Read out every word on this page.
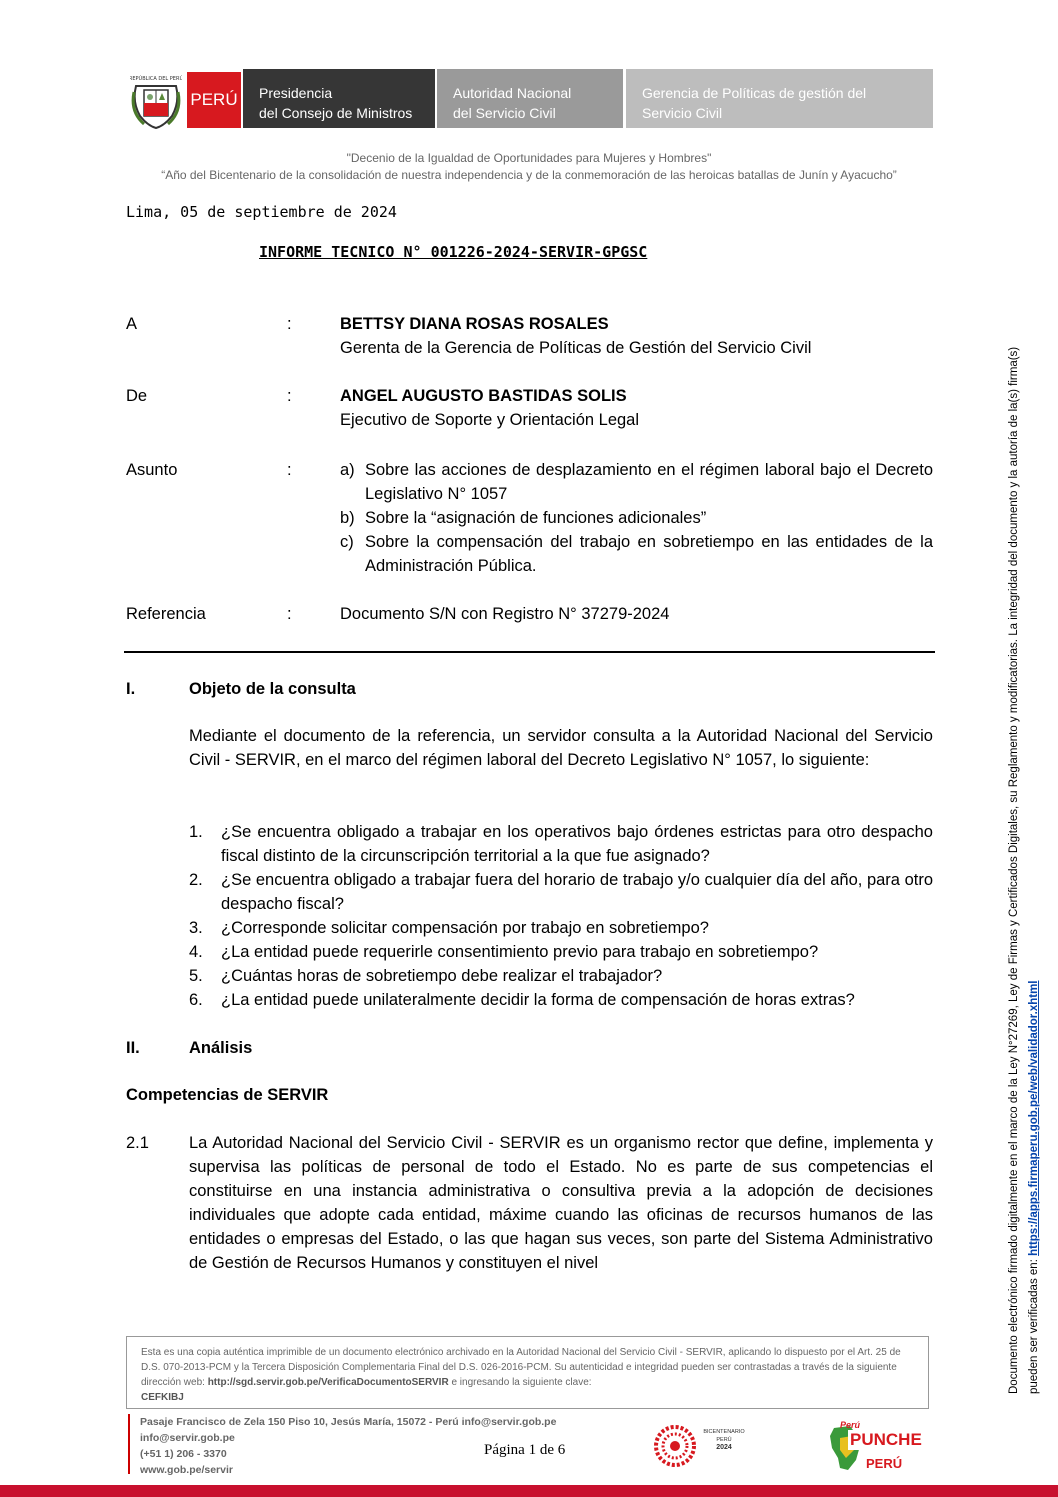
REPÚBLICA DEL PERÚ
PERÚ Presidencia
del Consejo de Ministros
Autoridad Nacional
del Servicio Civil
Gerencia de Políticas de gestión del
Servicio Civil
"Decenio de la Igualdad de Oportunidades para Mujeres y Hombres"
“Año del Bicentenario de la consolidación de nuestra independencia y de la conmemoración de las heroicas batallas de Junín y Ayacucho”
Lima, 05 de septiembre de 2024
INFORME TECNICO N° 001226-2024-SERVIR-GPGSC
A	:	BETTSY DIANA ROSAS ROSALES
Gerenta de la Gerencia de Políticas de Gestión del Servicio Civil
De	:	ANGEL AUGUSTO BASTIDAS SOLIS
Ejecutivo de Soporte y Orientación Legal
Asunto	:	a) Sobre las acciones de desplazamiento en el régimen laboral bajo el Decreto Legislativo N° 1057
b) Sobre la “asignación de funciones adicionales”
c) Sobre la compensación del trabajo en sobretiempo en las entidades de la Administración Pública.
Referencia	:	Documento S/N con Registro N° 37279-2024
I.	Objeto de la consulta
Mediante el documento de la referencia, un servidor consulta a la Autoridad Nacional del Servicio Civil - SERVIR, en el marco del régimen laboral del Decreto Legislativo N° 1057, lo siguiente:
1.	¿Se encuentra obligado a trabajar en los operativos bajo órdenes estrictas para otro despacho fiscal distinto de la circunscripción territorial a la que fue asignado?
2.	¿Se encuentra obligado a trabajar fuera del horario de trabajo y/o cualquier día del año, para otro despacho fiscal?
3.	¿Corresponde solicitar compensación por trabajo en sobretiempo?
4.	¿La entidad puede requerirle consentimiento previo para trabajo en sobretiempo?
5.	¿Cuántas horas de sobretiempo debe realizar el trabajador?
6.	¿La entidad puede unilateralmente decidir la forma de compensación de horas extras?
II.	Análisis
Competencias de SERVIR
2.1 La Autoridad Nacional del Servicio Civil - SERVIR es un organismo rector que define, implementa y supervisa las políticas de personal de todo el Estado. No es parte de sus competencias el constituirse en una instancia administrativa o consultiva previa a la adopción de decisiones individuales que adopte cada entidad, máxime cuando las oficinas de recursos humanos de las entidades o empresas del Estado, o las que hagan sus veces, son parte del Sistema Administrativo de Gestión de Recursos Humanos y constituyen el nivel
Esta es una copia auténtica imprimible de un documento electrónico archivado en la Autoridad Nacional del Servicio Civil - SERVIR, aplicando lo dispuesto por el Art. 25 de D.S. 070-2013-PCM y la Tercera Disposición Complementaria Final del D.S. 026-2016-PCM. Su autenticidad e integridad pueden ser contrastadas a través de la siguiente dirección web: http://sgd.servir.gob.pe/VerificaDocumentoSERVIR e ingresando la siguiente clave:
CEFKIBJ
Pasaje Francisco de Zela 150 Piso 10, Jesús María, 15072 - Perú info@servir.gob.pe
info@servir.gob.pe
(+51 1) 206 - 3370
www.gob.pe/servir
Página 1 de 6
BICENTENARIO
PERÚ
2024
Perú
PUNCHE
PERÚ
Documento electrónico firmado digitalmente en el marco de la Ley N°27269, Ley de Firmas y Certificados Digitales, su Reglamento y modificatorias. La integridad del documento y la autoría de la(s) firma(s) pueden ser verificadas en: https://apps.firmaperu.gob.pe/web/validador.xhtml
